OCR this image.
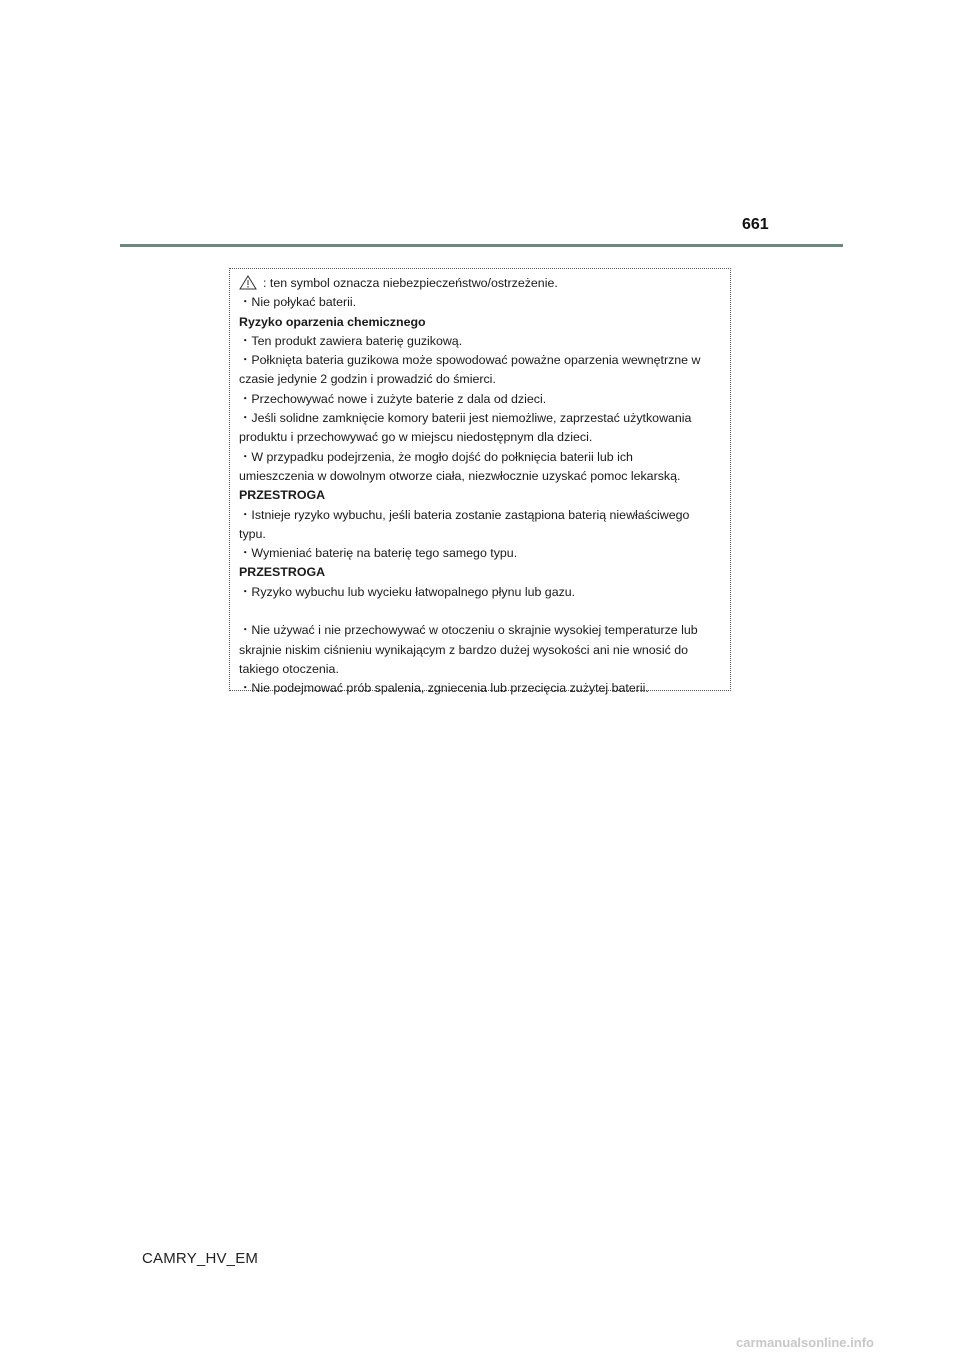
661
: ten symbol oznacza niebezpieczeństwo/ostrzeżenie.
・Nie połykać baterii.
Ryzyko oparzenia chemicznego
・Ten produkt zawiera baterię guzikową.
・Połknięta bateria guzikowa może spowodować poważne oparzenia wewnętrzne w
czasie jedynie 2 godzin i prowadzić do śmierci.
・Przechowywać nowe i zużyte baterie z dala od dzieci.
・Jeśli solidne zamknięcie komory baterii jest niemożliwe, zaprzestać użytkowania
produktu i przechowywać go w miejscu niedostępnym dla dzieci.
・W przypadku podejrzenia, że mogło dojść do połknięcia baterii lub ich
umieszczenia w dowolnym otworze ciała, niezwłocznie uzyskać pomoc lekarską.
PRZESTROGA
・Istnieje ryzyko wybuchu, jeśli bateria zostanie zastąpiona baterią niewłaściwego
typu.
・Wymieniać baterię na baterię tego samego typu.
PRZESTROGA
・Ryzyko wybuchu lub wycieku łatwopalnego płynu lub gazu.
・Nie używać i nie przechowywać w otoczeniu o skrajnie wysokiej temperaturze lub
skrajnie niskim ciśnieniu wynikającym z bardzo dużej wysokości ani nie wnosić do
takiego otoczenia.
・Nie podejmować prób spalenia, zgniecenia lub przecięcia zużytej baterii.
CAMRY_HV_EM
carmanualsonline.info
